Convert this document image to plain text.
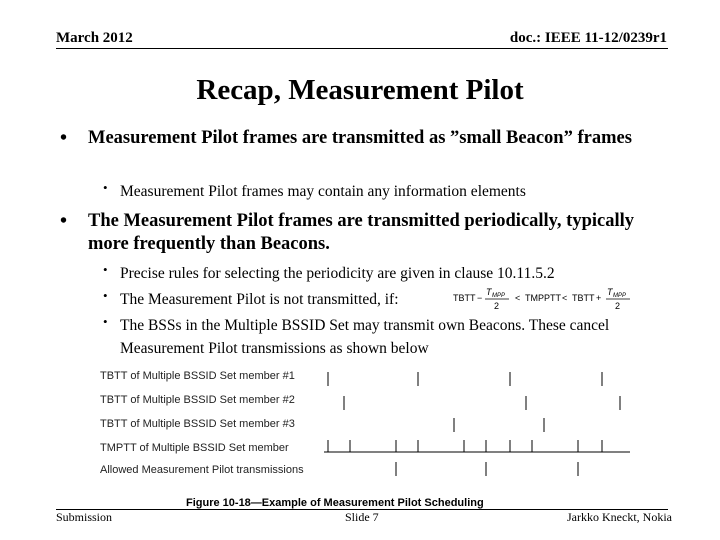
March 2012	doc.: IEEE 11-12/0239r1
Recap, Measurement Pilot
• Measurement Pilot frames are transmitted as ”small Beacon” frames
• Measurement Pilot frames may contain any information elements
• The Measurement Pilot frames are transmitted periodically, typically more frequently than Beacons.
• Precise rules for selecting the periodicity are given in clause 10.11.5.2
• The Measurement Pilot is not transmitted, if:
• The BSSs in the Multiple BSSID Set may transmit own Beacons. These cancel Measurement Pilot transmissions as shown below
TBTT −
T MPP
2
< TMPPTT < TBTT +
T MPP
2
TBTT of Multiple BSSID Set member #1
TBTT of Multiple BSSID Set member #2
TBTT of Multiple BSSID Set member #3
TMPTT of Multiple BSSID Set member
Allowed Measurement Pilot transmissions
Figure 10-18—Example of Measurement Pilot Scheduling
Submission	Slide 7	Jarkko Kneckt, Nokia
